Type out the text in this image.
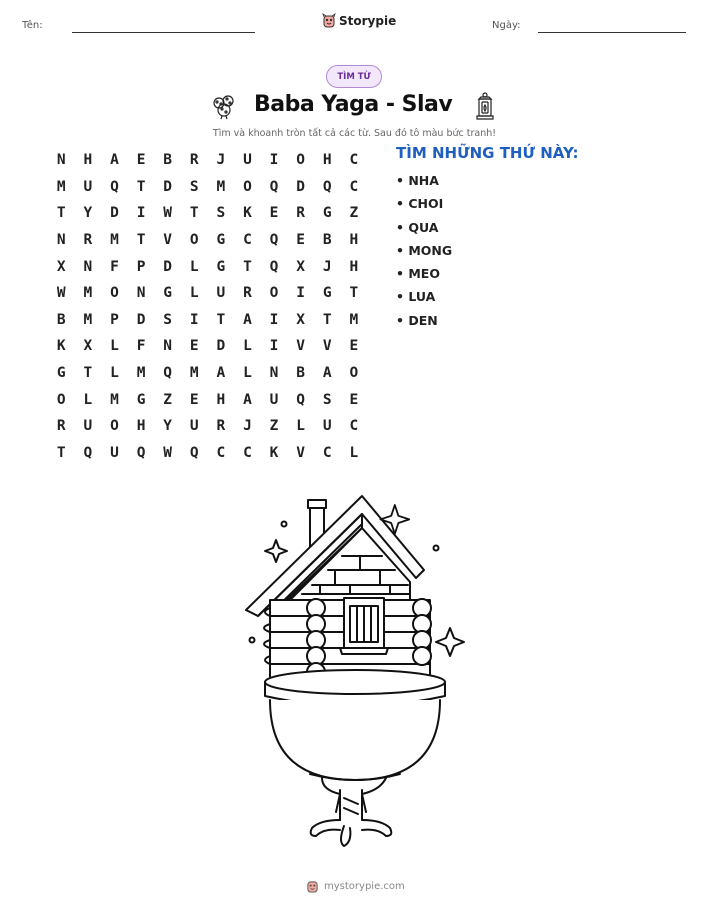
Tên:	Storypie	Ngày:
TÌM TỪ
Baba Yaga - Slav
Tìm và khoanh tròn tất cả các từ. Sau đó tô màu bức tranh!
N	H	A	E	B	R	J	U	I	O	H	C
M	U	Q	T	D	S	M	O	Q	D	Q	C
T	Y	D	I	W	T	S	K	E	R	G	Z
N	R	M	T	V	O	G	C	Q	E	B	H
X	N	F	P	D	L	G	T	Q	X	J	H
W	M	O	N	G	L	U	R	O	I	G	T
B	M	P	D	S	I	T	A	I	X	T	M
K	X	L	F	N	E	D	L	I	V	V	E
G	T	L	M	Q	M	A	L	N	B	A	O
O	L	M	G	Z	E	H	A	U	Q	S	E
R	U	O	H	Y	U	R	J	Z	L	U	C
T	Q	U	Q	W	Q	C	C	K	V	C	L
TÌM NHỮNG THỨ NÀY:
• NHA
• CHOI
• QUA
• MONG
• MEO
• LUA
• DEN
mystorypie.com
